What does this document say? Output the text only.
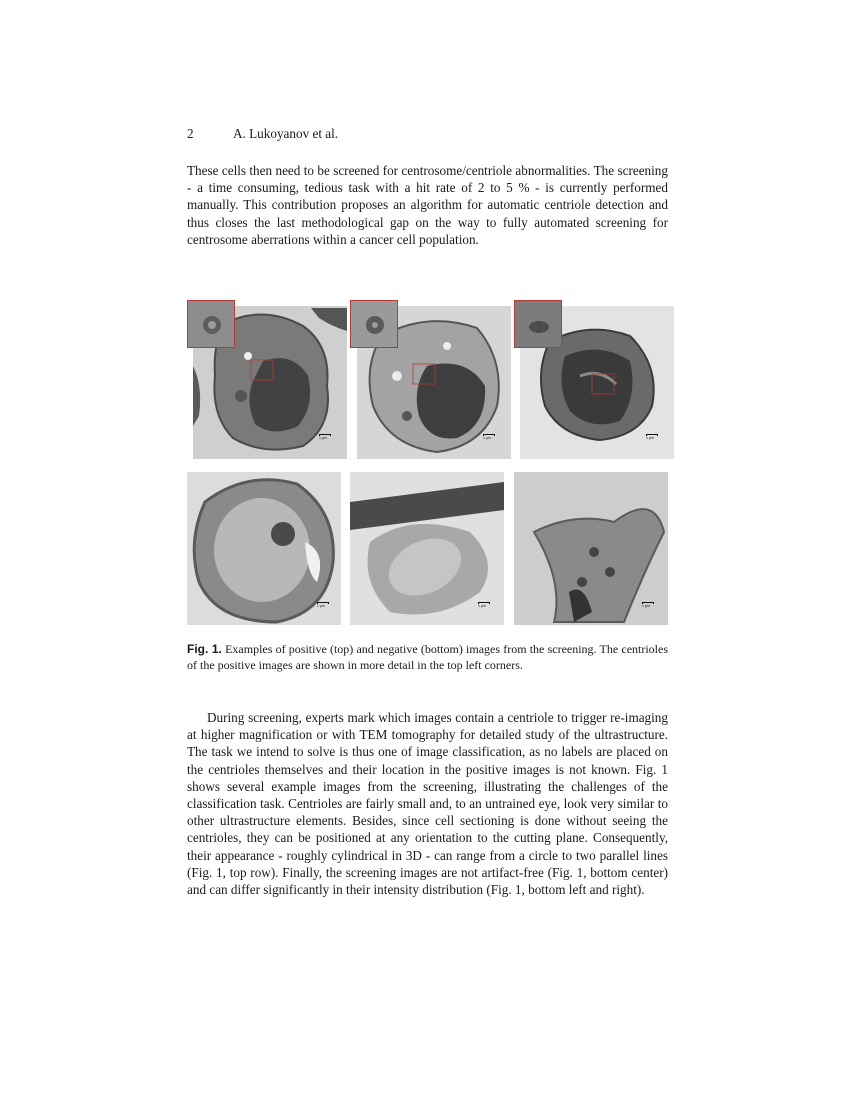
2	A. Lukoyanov et al.

These cells then need to be screened for centrosome/centriole abnormalities. The screening - a time consuming, tedious task with a hit rate of 2 to 5 % - is currently performed manually. This contribution proposes an algorithm for automatic centriole detection and thus closes the last methodological gap on the way to fully automated screening for centrosome aberrations within a cancer cell population.

1 µm	1 µm	1 µm
1 µm	1 µm	1 µm
Fig. 1. Examples of positive (top) and negative (bottom) images from the screening. The centrioles of the positive images are shown in more detail in the top left corners.

During screening, experts mark which images contain a centriole to trigger re-imaging at higher magnification or with TEM tomography for detailed study of the ultrastructure. The task we intend to solve is thus one of image classification, as no labels are placed on the centrioles themselves and their location in the positive images is not known. Fig. 1 shows several example images from the screening, illustrating the challenges of the classification task. Centrioles are fairly small and, to an untrained eye, look very similar to other ultrastructure elements. Besides, since cell sectioning is done without seeing the centrioles, they can be positioned at any orientation to the cutting plane. Consequently, their appearance - roughly cylindrical in 3D - can range from a circle to two parallel lines (Fig. 1, top row). Finally, the screening images are not artifact-free (Fig. 1, bottom center) and can differ significantly in their intensity distribution (Fig. 1, bottom left and right).
